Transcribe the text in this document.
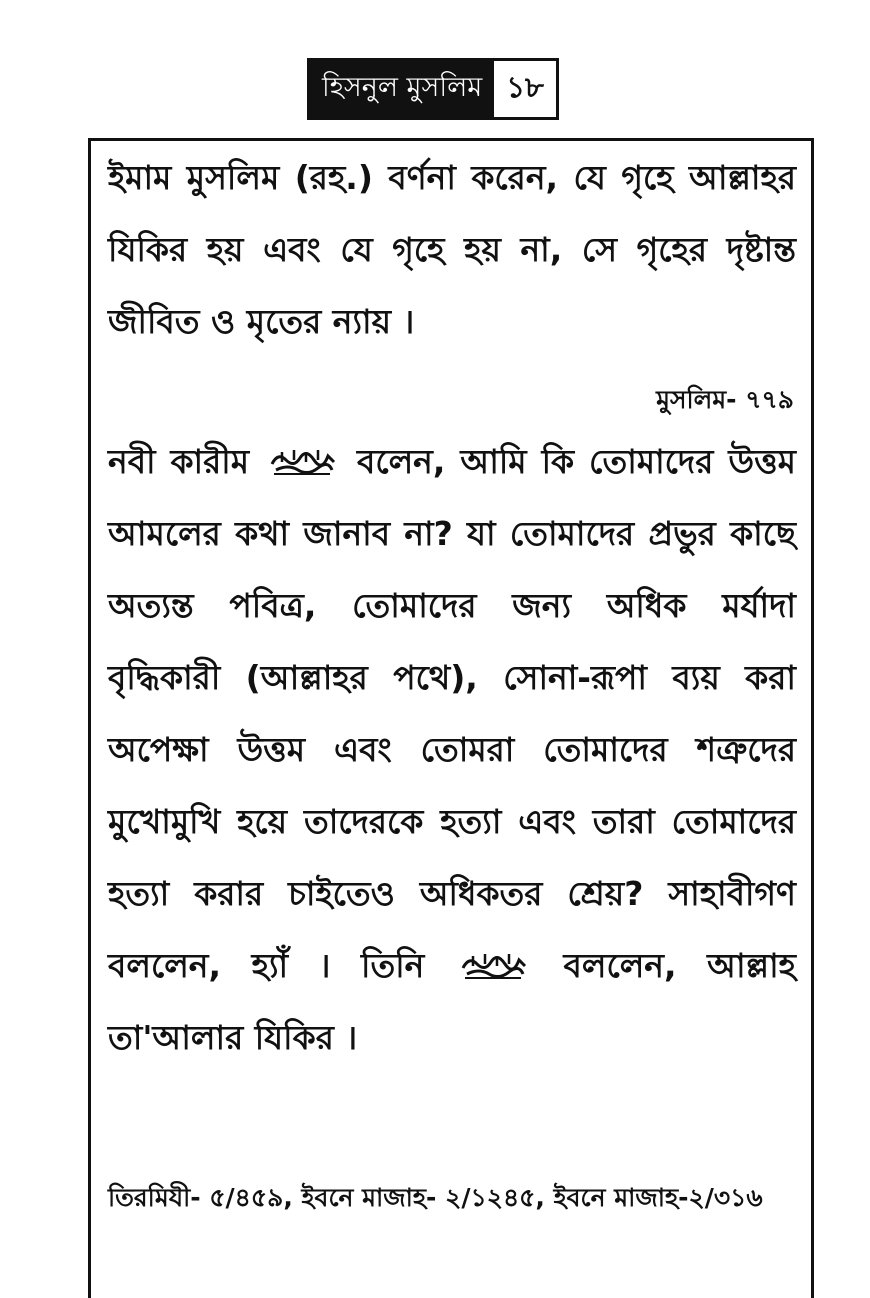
হিসনুল মুসলিম ১৮
ইমাম মুসলিম (রহ.) বর্ণনা করেন, যে গৃহে আল্লাহর যিকির হয় এবং যে গৃহে হয় না, সে গৃহের দৃষ্টান্ত জীবিত ও মৃতের ন্যায় ।
মুসলিম- ৭৭৯
নবী কারীম
বলেন, আমি কি তোমাদের উত্তম আমলের কথা জানাব না? যা তোমাদের প্রভুর কাছে অত্যন্ত পবিত্র, তোমাদের জন্য অধিক মর্যাদা বৃদ্ধিকারী (আল্লাহর পথে), সোনা-রূপা ব্যয় করা অপেক্ষা উত্তম এবং তোমরা তোমাদের শত্রুদের মুখোমুখি হয়ে তাদেরকে হত্যা এবং তারা তোমাদের হত্যা করার চাইতেও অধিকতর শ্রেয়? সাহাবীগণ বললেন, হ্যাঁ । তিনি
বললেন, আল্লাহ তা'আলার যিকির ।
তিরমিযী- ৫/৪৫৯, ইবনে মাজাহ- ২/১২৪৫, ইবনে মাজাহ-২/৩১৬
